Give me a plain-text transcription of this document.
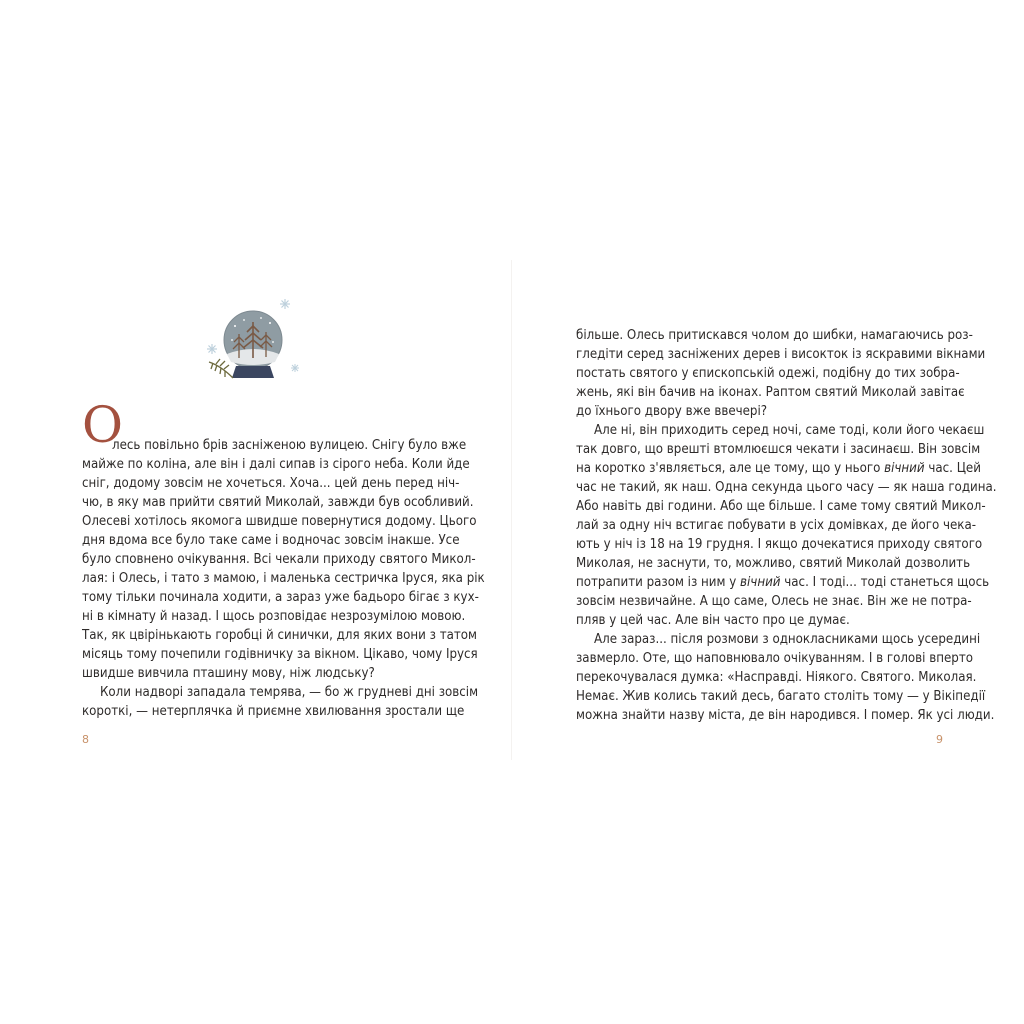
О
лесь повільно брів засніженою вулицею. Снігу було вже
майже по коліна, але він і далі сипав із сірого неба. Коли йде
сніг, додому зовсім не хочеться. Хоча... цей день перед ніч-
чю, в яку мав прийти святий Миколай, завжди був особливий.
Олесеві хотілось якомога швидше повернутися додому. Цього
дня вдома все було таке саме і водночас зовсім інакше. Усе
було сповнено очікування. Всі чекали приходу святого Микол-
лая: і Олесь, і тато з мамою, і маленька сестричка Іруся, яка рік
тому тільки починала ходити, а зараз уже бадьоро бігає з кух-
ні в кімнату й назад. І щось розповідає незрозумілою мовою.
Так, як цвірінькають горобці й синички, для яких вони з татом
місяць тому почепили годівничку за вікном. Цікаво, чому Іруся
швидше вивчила пташину мову, ніж людську?
Коли надворі западала темрява, — бо ж грудневі дні зовсім
короткі, — нетерплячка й приємне хвилювання зростали ще
8
більше. Олесь притискався чолом до шибки, намагаючись роз-
гледіти серед засніжених дерев і високток із яскравими вікнами
постать святого у єпископській одежі, подібну до тих зобра-
жень, які він бачив на іконах. Раптом святий Миколай завітає
до їхнього двору вже ввечері?
Але ні, він приходить серед ночі, саме тоді, коли його чекаєш
так довго, що врешті втомлюєшся чекати і засинаєш. Він зовсім
на коротко з'являється, але це тому, що у нього вічний час. Цей
час не такий, як наш. Одна секунда цього часу — як наша година.
Або навіть дві години. Або ще більше. І саме тому святий Микол-
лай за одну ніч встигає побувати в усіх домівках, де його чека-
ють у ніч із 18 на 19 грудня. І якщо дочекатися приходу святого
Миколая, не заснути, то, можливо, святий Миколай дозволить
потрапити разом із ним у вічний час. І тоді... тоді станеться щось
зовсім незвичайне. А що саме, Олесь не знає. Він же не потра-
пляв у цей час. Але він часто про це думає.
Але зараз... після розмови з однокласниками щось усередині
завмерло. Оте, що наповнювало очікуванням. І в голові вперто
перекочувалася думка: «Насправді. Ніякого. Святого. Миколая.
Немає. Жив колись такий десь, багато століть тому — у Вікіпедії
можна знайти назву міста, де він народився. І помер. Як усі люди.
9
